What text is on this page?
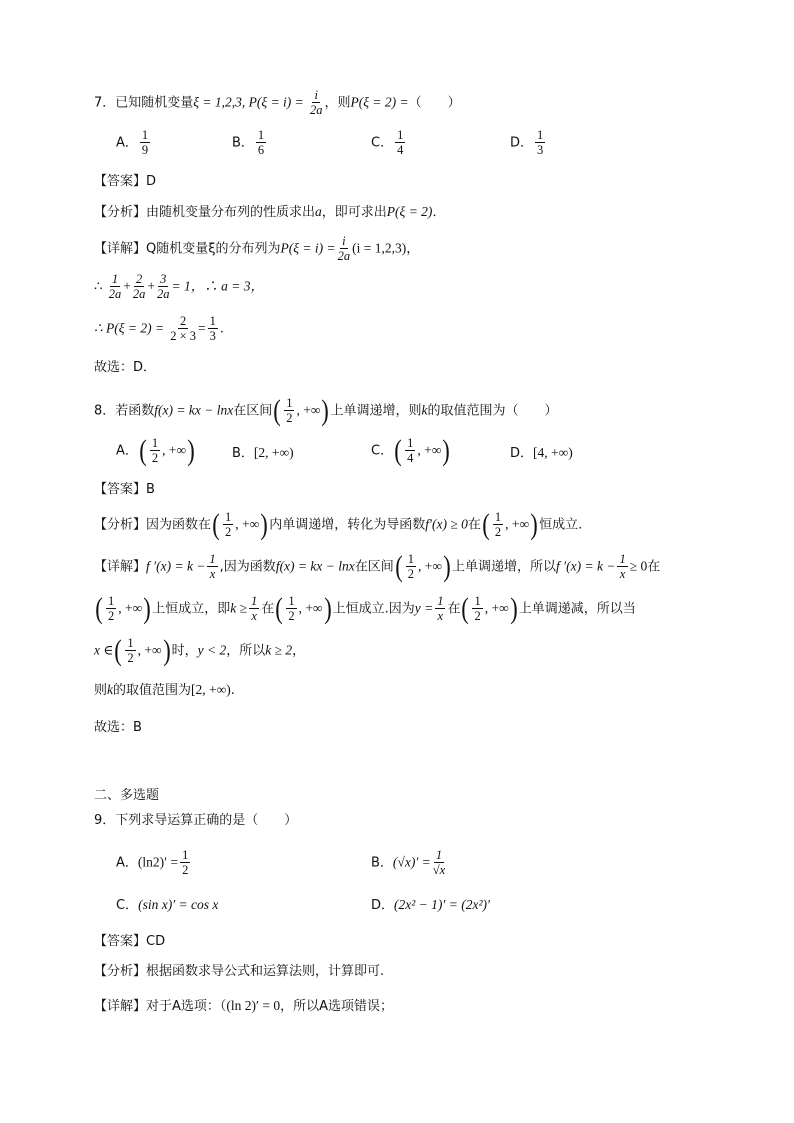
7．已知随机变量ξ = 1,2,3, $P(\xi = i) = \frac{i}{2a}$ ，则P(ξ = 2) =（　　）
A． $\frac{1}{9}$	B． $\frac{1}{6}$	C． $\frac{1}{4}$	D． $\frac{1}{3}$
【答案】D
【分析】由随机变量分布列的性质求出a，即可求出P(ξ = 2)．
【详解】Q随机变量ξ的分布列为$P(\xi = i) = \frac{i}{2a} (i = 1,2,3)$，
∴ $\frac{1}{2a} + \frac{2}{2a} + \frac{3}{2a} = 1$，∴ a = 3，
∴ $P(\xi = 2) = \frac{2}{2 \times 3} = \frac{1}{3}$ .
故选：D．
8．若函数f(x) = kx − lnx在区间( $\frac{1}{2}$ , +∞)上单调递增，则k的取值范围为（　　）
A．( $\frac{1}{2}$ , +∞)	B．[2, +∞)	C．( $\frac{1}{4}$ , +∞)	D．[4, +∞)
【答案】B
【分析】因为函数在( $\frac{1}{2}$ , +∞)内单调递增，转化为导函数f′(x) ≥ 0在( $\frac{1}{2}$ , +∞)恒成立.
【详解】f $'(x) = k - \frac{1}{x}$ ,因为函数f(x) = kx − lnx在区间( $\frac{1}{2}$ , +∞)上单调递增，所以f $'(x) = k - \frac{1}{x} \ge 0$在
( $\frac{1}{2}$ , +∞)上恒成立，即$k \ge \frac{1}{x}$ 在( $\frac{1}{2}$ , +∞)上恒成立.因为$y = \frac{1}{x}$ 在( $\frac{1}{2}$ , +∞)上单调递减，所以当
x ∈( $\frac{1}{2}$ , +∞)时，y < 2，所以k ≥ 2，
则k的取值范围为[2, +∞).
故选：B
二、多选题
9．下列求导运算正确的是（　　）
A．$(\ln 2)' = \frac{1}{2}$	B．$(√x)' = \frac{1}{√x}$
C．(sin x)′ = cos x	D．(2x² − 1)′ = (2x²)′
【答案】CD
【分析】根据函数求导公式和运算法则，计算即可.
【详解】对于A选项：（(ln 2)′ = 0，所以A选项错误；
